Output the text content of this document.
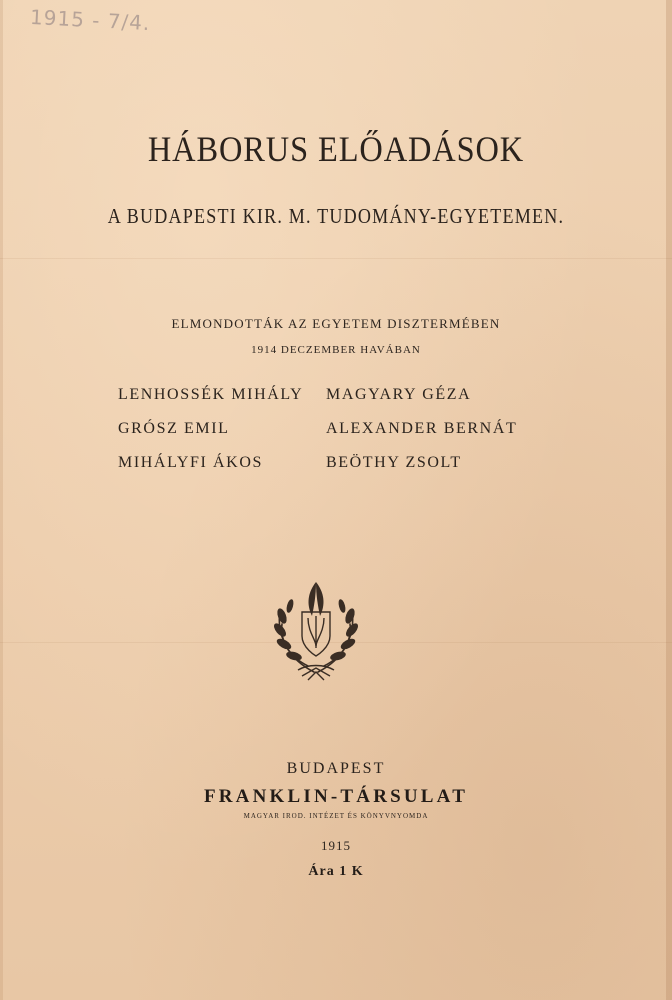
1915 - 7/4.
HÁBORUS ELŐADÁSOK
A BUDAPESTI KIR. M. TUDOMÁNY-EGYETEMEN.
ELMONDOTTÁK AZ EGYETEM DISZTERMÉBEN
1914 DECZEMBER HAVÁBAN
LENHOSSÉK MIHÁLY MAGYARY GÉZA
GRÓSZ EMIL	ALEXANDER BERNÁT
MIHÁLYFI ÁKOS	BEÖTHY ZSOLT
BUDAPEST
FRANKLIN-TÁRSULAT
MAGYAR IROD. INTÉZET ÉS KÖNYVNYOMDA
1915
Ára 1 K
